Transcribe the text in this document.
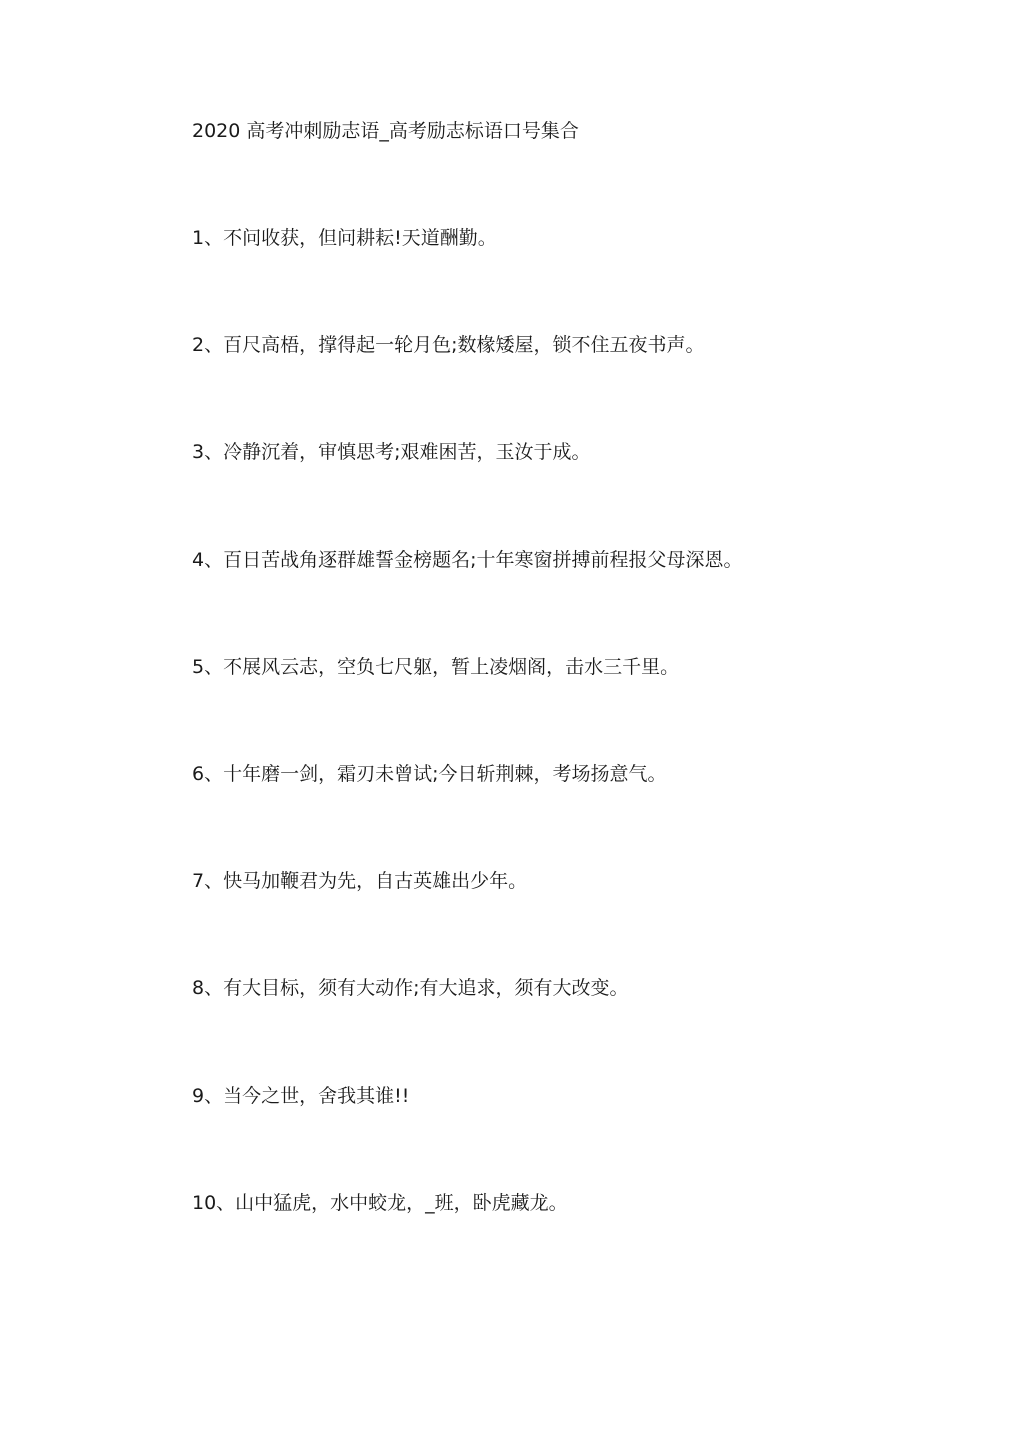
2020 高考冲刺励志语_高考励志标语口号集合
1、不问收获，但问耕耘!天道酬勤。
2、百尺高梧，撑得起一轮月色;数椽矮屋，锁不住五夜书声。
3、冷静沉着，审慎思考;艰难困苦，玉汝于成。
4、百日苦战角逐群雄誓金榜题名;十年寒窗拼搏前程报父母深恩。
5、不展风云志，空负七尺躯，暂上凌烟阁，击水三千里。
6、十年磨一剑，霜刃未曾试;今日斩荆棘，考场扬意气。
7、快马加鞭君为先，自古英雄出少年。
8、有大目标，须有大动作;有大追求，须有大改变。
9、当今之世，舍我其谁!!
10、山中猛虎，水中蛟龙，_班，卧虎藏龙。
